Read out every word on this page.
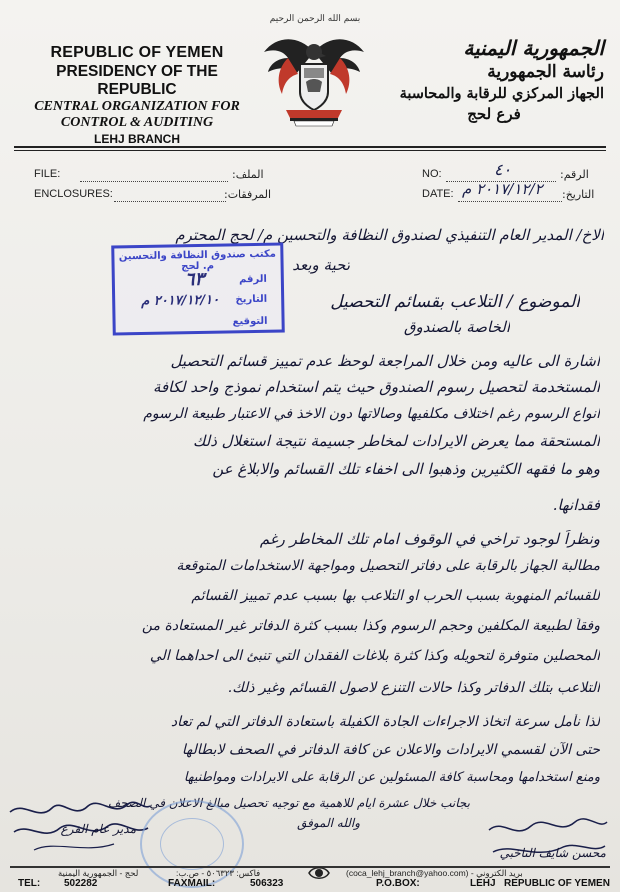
REPUBLIC OF YEMEN
PRESIDENCY OF THE REPUBLIC
CENTRAL ORGANIZATION FOR
CONTROL & AUDITING
LEHJ BRANCH
بسم الله الرحمن الرحيم
الجمهورية اليمنية
رئاسة الجمهورية
الجهاز المركزي للرقابة والمحاسبة
فرع لحج
FILE:	الملف:
ENCLOSURES:	المرفقات:
NO:	٤٠	الرقم:
DATE: ٢٠١٧/١٢/٢ م التاريخ:
الاخ/ المدير العام التنفيذي لصندوق النظافة والتحسين م/ لحج المحترم
مكتب صندوق النظافة والتحسين م. لحج
الرقم
٦٣
التاريخ
٢٠١٧/١٢/١٠ م
التوقيع
تحية وبعد
الموضوع / التلاعب بقسائم التحصيل
الخاصة بالصندوق
اشارة الى عاليه ومن خلال المراجعة لوحظ عدم تمييز قسائم التحصيل
المستخدمة لتحصيل رسوم الصندوق حيث يتم استخدام نموذج واحد لكافة
انواع الرسوم رغم اختلاف مكلفيها وصالاتها دون الاخذ في الاعتبار طبيعة الرسوم
المستحقة مما يعرض الايرادات لمخاطر جسيمة نتيجة استغلال ذلك
وهو ما فقهه الكثيرين وذهبوا الى اخفاء تلك القسائم والابلاغ عن
فقدانها.
ونظراً لوجود تراخي في الوقوف امام تلك المخاطر رغم
مطالبة الجهاز بالرقابة على دفاتر التحصيل ومواجهة الاستخدامات المتوقعة
للقسائم المنهوبة بسبب الحرب او التلاعب بها بسبب عدم تمييز القسائم
وفقاً لطبيعة المكلفين وحجم الرسوم وكذا بسبب كثرة الدفاتر غير المستعادة من
المحصلين متوفرة لتحويله وكذا كثرة بلاغات الفقدان التي تنبئ الى احداهما الي
التلاعب بتلك الدفاتر وكذا حالات التنزع لاصول القسائم وغير ذلك.
لذا نأمل سرعة اتخاذ الاجراءات الجادة الكفيلة باستعادة الدفاتر التي لم تعاد
حتى الآن لقسمي الايرادات والاعلان عن كافة الدفاتر في الصحف لابطالها
ومنع استخدامها ومحاسبة كافة المسئولين عن الرقابة على الايرادات ومواطنيها
بجانب خلال عشرة ايام للاهمية مع توجيه تحصيل مبالغ الاعلان في الصحف
والله الموفق
مدير عام الفرع
محسن شايف الناخبي
لحج - الجمهورية اليمنية
TEL: 502282
فاكس: ٥٠٦٣٢٣ - ص.ب:
FAXMAIL:	506323
(coca_lehj_branch@yahoo.com) - بريد الكتروني
P.O.BOX:	LEHJ REPUBLIC OF YEMEN
